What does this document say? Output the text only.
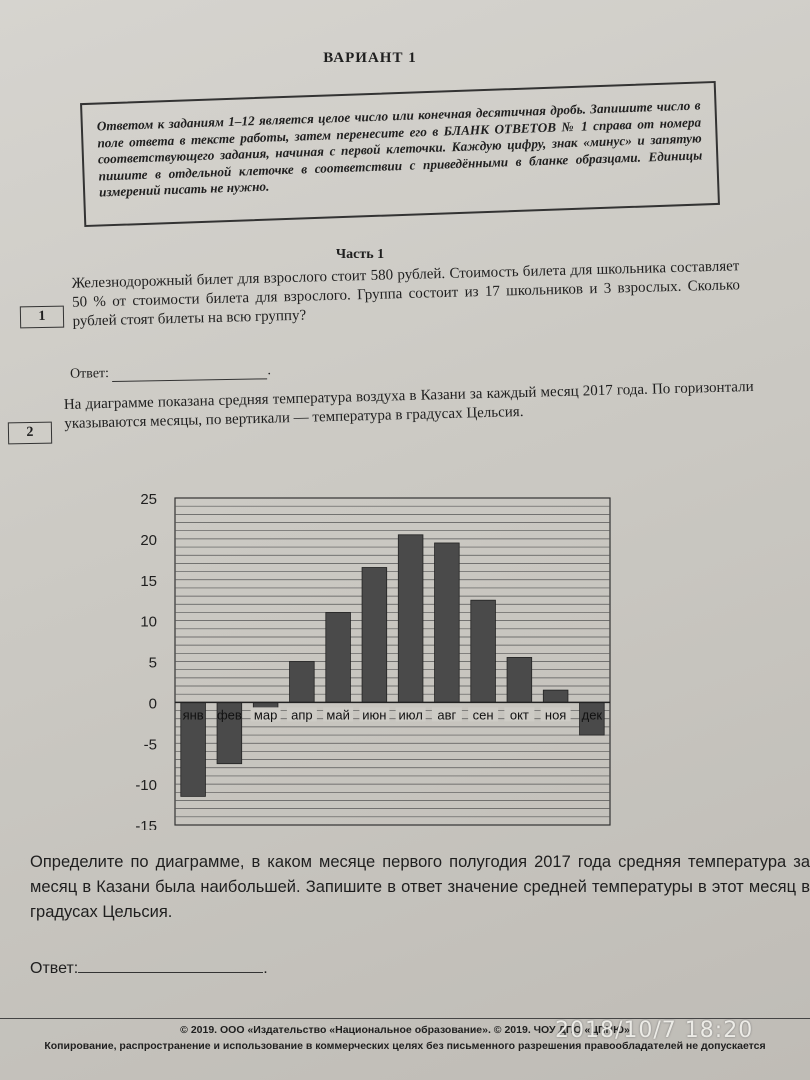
ВАРИАНТ 1
Ответом к заданиям 1–12 является целое число или конечная десятичная дробь. Запишите число в поле ответа в тексте работы, затем перенесите его в БЛАНК ОТВЕТОВ № 1 справа от номера соответствующего задания, начиная с первой клеточки. Каждую цифру, знак «минус» и запятую пишите в отдельной клеточке в соответствии с приведёнными в бланке образцами. Единицы измерений писать не нужно.
Часть 1
1
Железнодорожный билет для взрослого стоит 580 рублей. Стоимость билета для школьника составляет 50 % от стоимости билета для взрослого. Группа состоит из 17 школьников и 3 взрослых. Сколько рублей стоят билеты на всю группу?
Ответ:	.
2
На диаграмме показана средняя температура воздуха в Казани за каждый месяц 2017 года. По горизонтали указываются месяцы, по вертикали — температура в градусах Цельсия.
25
20
15
10
5
0
-5
-10
-15
янв фев мар апр май июн июл авг сен окт ноя дек
Определите по диаграмме, в каком месяце первого полугодия 2017 года средняя температура за месяц в Казани была наибольшей. Запишите в ответ значение средней температуры в этот месяц в градусах Цельсия.
Ответ:	.
© 2019. ООО «Издательство «Национальное образование». © 2019. ЧОУ ДПО «ЦПНЮ»
Копирование, распространение и использование в коммерческих целях без письменного разрешения правообладателей не допускается
2018/10/7 18:20
